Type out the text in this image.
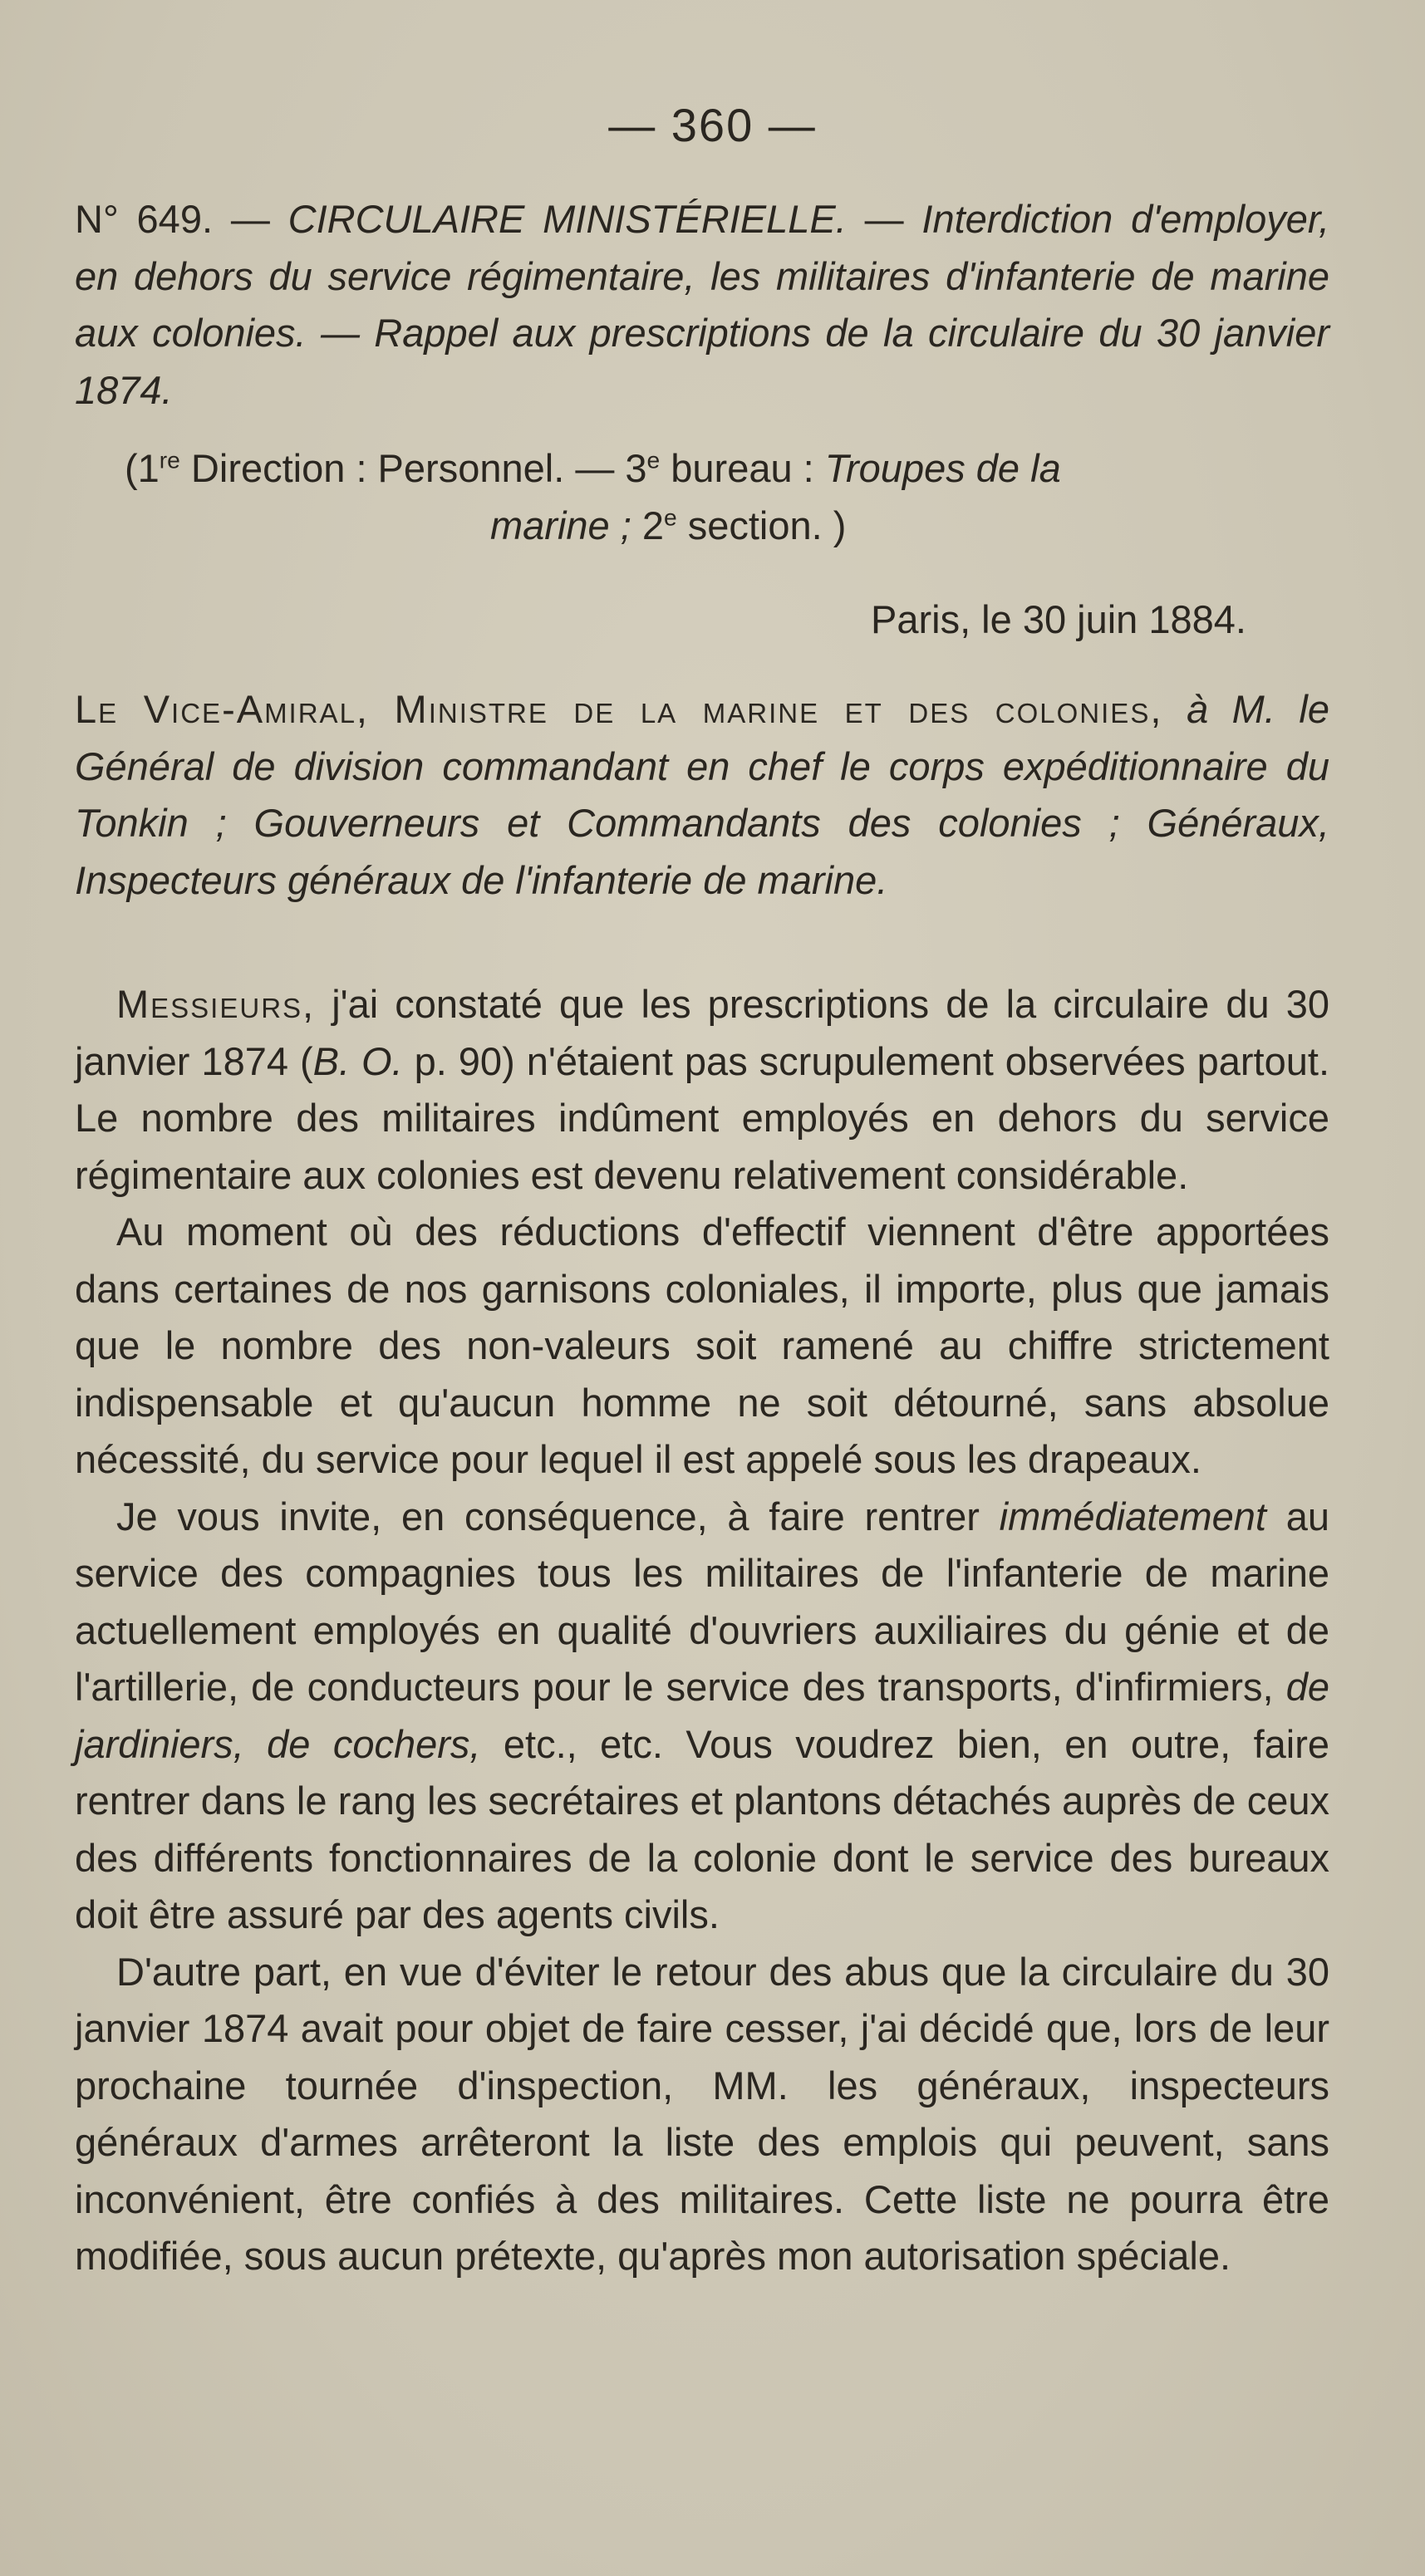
— 360 —
N° 649. — CIRCULAIRE MINISTÉRIELLE. — Interdiction d'employer, en dehors du service régimentaire, les militaires d'infanterie de marine aux colonies. — Rappel aux prescriptions de la circulaire du 30 janvier 1874.
(1re Direction : Personnel. — 3e bureau : Troupes de la
marine ; 2e section. )
Paris, le 30 juin 1884.
Le Vice-Amiral, Ministre de la marine et des colonies, à M. le Général de division commandant en chef le corps expéditionnaire du Tonkin ; Gouverneurs et Commandants des colonies ; Généraux, Inspecteurs généraux de l'infanterie de marine.

Messieurs, j'ai constaté que les prescriptions de la circulaire du 30 janvier 1874 (B. O. p. 90) n'étaient pas scrupulement observées partout. Le nombre des militaires indûment employés en dehors du service régimentaire aux colonies est devenu relativement considérable.

Au moment où des réductions d'effectif viennent d'être apportées dans certaines de nos garnisons coloniales, il importe, plus que jamais que le nombre des non-valeurs soit ramené au chiffre strictement indispensable et qu'aucun homme ne soit détourné, sans absolue nécessité, du service pour lequel il est appelé sous les drapeaux.

Je vous invite, en conséquence, à faire rentrer immédiatement au service des compagnies tous les militaires de l'infanterie de marine actuellement employés en qualité d'ouvriers auxiliaires du génie et de l'artillerie, de conducteurs pour le service des transports, d'infirmiers, de jardiniers, de cochers, etc., etc. Vous voudrez bien, en outre, faire rentrer dans le rang les secrétaires et plantons détachés auprès de ceux des différents fonctionnaires de la colonie dont le service des bureaux doit être assuré par des agents civils.

D'autre part, en vue d'éviter le retour des abus que la circulaire du 30 janvier 1874 avait pour objet de faire cesser, j'ai décidé que, lors de leur prochaine tournée d'inspection, MM. les généraux, inspecteurs généraux d'armes arrêteront la liste des emplois qui peuvent, sans inconvénient, être confiés à des militaires. Cette liste ne pourra être modifiée, sous aucun prétexte, qu'après mon autorisation spéciale.
